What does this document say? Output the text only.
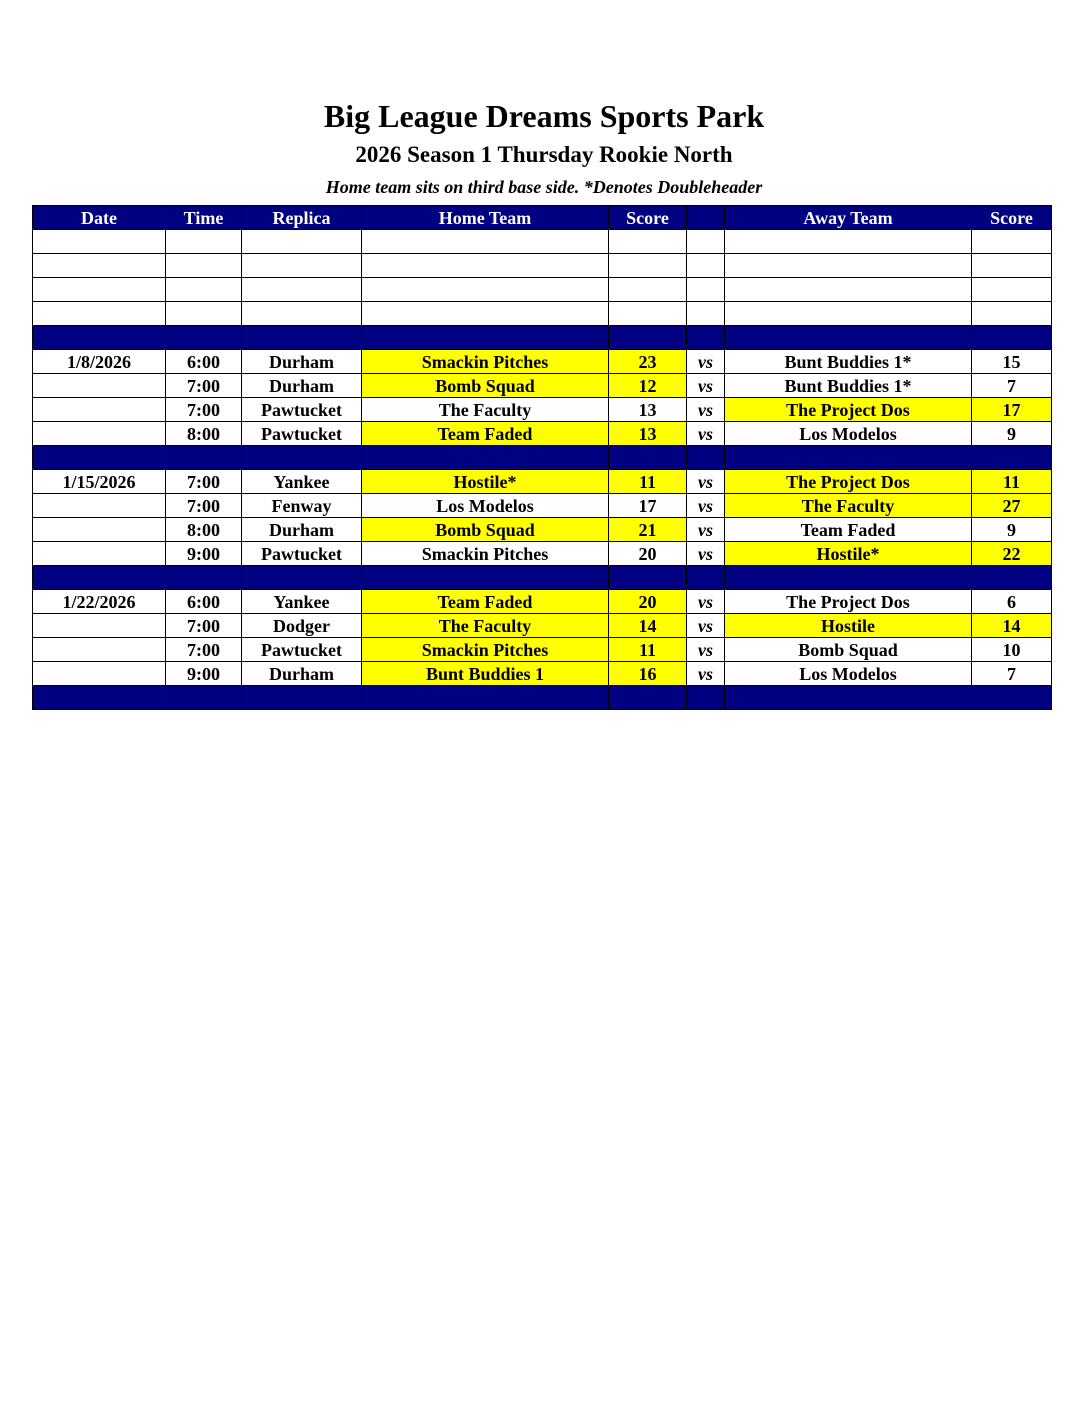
Big League Dreams Sports Park
2026 Season 1 Thursday Rookie North
Home team sits on third base side. *Denotes Doubleheader
Date	Time	Replica	Home Team	Score		Away Team	Score

1/8/2026	6:00	Durham	Smackin Pitches	23	vs	Bunt Buddies 1*	15
	7:00	Durham	Bomb Squad	12	vs	Bunt Buddies 1*	7
	7:00	Pawtucket	The Faculty	13	vs	The Project Dos	17
	8:00	Pawtucket	Team Faded	13	vs	Los Modelos	9

1/15/2026	7:00	Yankee	Hostile*	11	vs	The Project Dos	11
	7:00	Fenway	Los Modelos	17	vs	The Faculty	27
	8:00	Durham	Bomb Squad	21	vs	Team Faded	9
	9:00	Pawtucket	Smackin Pitches	20	vs	Hostile*	22

1/22/2026	6:00	Yankee	Team Faded	20	vs	The Project Dos	6
	7:00	Dodger	The Faculty	14	vs	Hostile	14
	7:00	Pawtucket	Smackin Pitches	11	vs	Bomb Squad	10
	9:00	Durham	Bunt Buddies 1	16	vs	Los Modelos	7
